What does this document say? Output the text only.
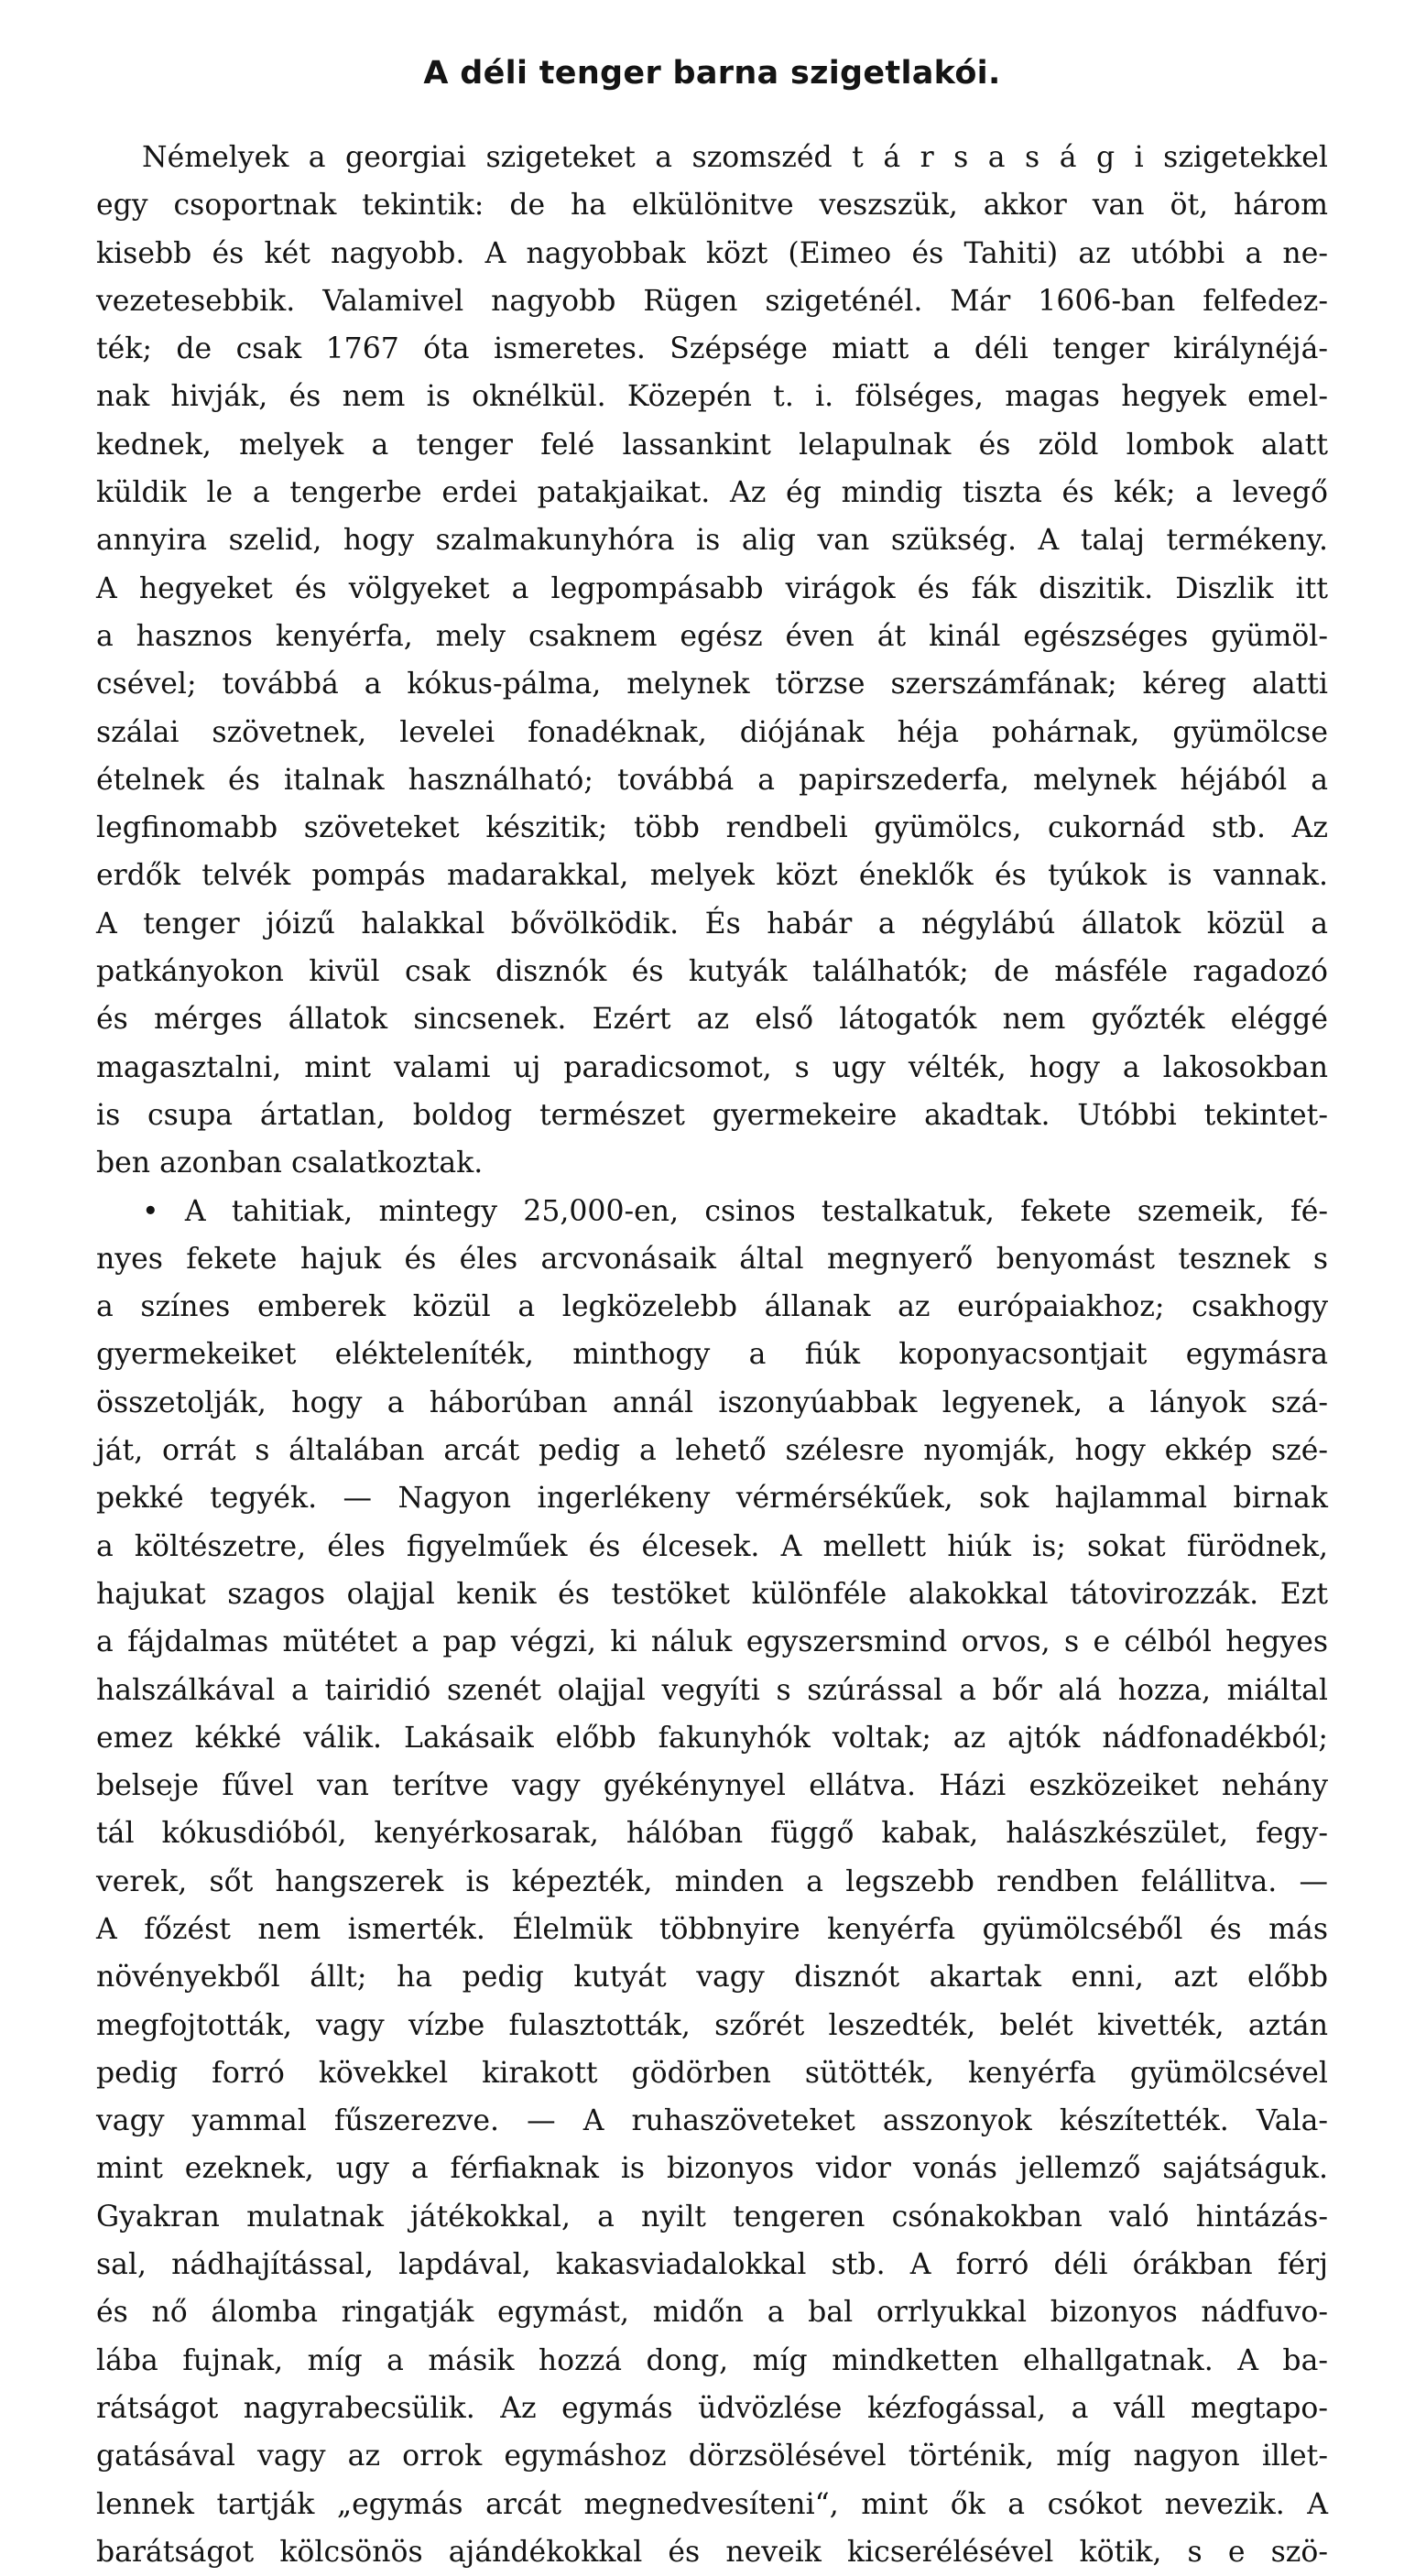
A déli tenger barna szigetlakói.
Némelyek a georgiai szigeteket a szomszéd t á r s a s á g i szigetekkel
egy csoportnak tekintik: de ha elkülönitve veszszük, akkor van öt, három
kisebb és két nagyobb. A nagyobbak közt (Eimeo és Tahiti) az utóbbi a ne-
vezetesebbik. Valamivel nagyobb Rügen szigeténél. Már 1606-ban felfedez-
ték; de csak 1767 óta ismeretes. Szépsége miatt a déli tenger királynéjá-
nak hivják, és nem is oknélkül. Közepén t. i. fölséges, magas hegyek emel-
kednek, melyek a tenger felé lassankint lelapulnak és zöld lombok alatt
küldik le a tengerbe erdei patakjaikat. Az ég mindig tiszta és kék; a levegő
annyira szelid, hogy szalmakunyhóra is alig van szükség. A talaj termékeny.
A hegyeket és völgyeket a legpompásabb virágok és fák diszitik. Diszlik itt
a hasznos kenyérfa, mely csaknem egész éven át kinál egészséges gyümöl-
csével; továbbá a kókus-pálma, melynek törzse szerszámfának; kéreg alatti
szálai szövetnek, levelei fonadéknak, diójának héja pohárnak, gyümölcse
ételnek és italnak használható; továbbá a papirszederfa, melynek héjából a
legfinomabb szöveteket készitik; több rendbeli gyümölcs, cukornád stb. Az
erdők telvék pompás madarakkal, melyek közt éneklők és tyúkok is vannak.
A tenger jóizű halakkal bővölködik. És habár a négylábú állatok közül a
patkányokon kivül csak disznók és kutyák találhatók; de másféle ragadozó
és mérges állatok sincsenek. Ezért az első látogatók nem győzték eléggé
magasztalni, mint valami uj paradicsomot, s ugy vélték, hogy a lakosokban
is csupa ártatlan, boldog természet gyermekeire akadtak. Utóbbi tekintet-
ben azonban csalatkoztak.
• A tahitiak, mintegy 25,000-en, csinos testalkatuk, fekete szemeik, fé-
nyes fekete hajuk és éles arcvonásaik által megnyerő benyomást tesznek s
a színes emberek közül a legközelebb állanak az európaiakhoz; csakhogy
gyermekeiket elékteleníték, minthogy a fiúk koponyacsontjait egymásra
összetolják, hogy a háborúban annál iszonyúabbak legyenek, a lányok szá-
ját, orrát s általában arcát pedig a lehető szélesre nyomják, hogy ekkép szé-
pekké tegyék. — Nagyon ingerlékeny vérmérsékűek, sok hajlammal birnak
a költészetre, éles figyelműek és élcesek. A mellett hiúk is; sokat fürödnek,
hajukat szagos olajjal kenik és testöket különféle alakokkal tátovirozzák. Ezt
a fájdalmas mütétet a pap végzi, ki náluk egyszersmind orvos, s e célból hegyes
halszálkával a tairidió szenét olajjal vegyíti s szúrással a bőr alá hozza, miáltal
emez kékké válik. Lakásaik előbb fakunyhók voltak; az ajtók nádfonadékból;
belseje fűvel van terítve vagy gyékénynyel ellátva. Házi eszközeiket nehány
tál kókusdióból, kenyérkosarak, hálóban függő kabak, halászkészület, fegy-
verek, sőt hangszerek is képezték, minden a legszebb rendben felállitva. —
A főzést nem ismerték. Élelmük többnyire kenyérfa gyümölcséből és más
növényekből állt; ha pedig kutyát vagy disznót akartak enni, azt előbb
megfojtották, vagy vízbe fulasztották, szőrét leszedték, belét kivették, aztán
pedig forró kövekkel kirakott gödörben sütötték, kenyérfa gyümölcsével
vagy yammal fűszerezve. — A ruhaszöveteket asszonyok készítették. Vala-
mint ezeknek, ugy a férfiaknak is bizonyos vidor vonás jellemző sajátságuk.
Gyakran mulatnak játékokkal, a nyilt tengeren csónakokban való hintázás-
sal, nádhajítással, lapdával, kakasviadalokkal stb. A forró déli órákban férj
és nő álomba ringatják egymást, midőn a bal orrlyukkal bizonyos nádfuvo-
lába fujnak, míg a másik hozzá dong, míg mindketten elhallgatnak. A ba-
rátságot nagyrabecsülik. Az egymás üdvözlése kézfogással, a váll megtapo-
gatásával vagy az orrok egymáshoz dörzsölésével történik, míg nagyon illet-
lennek tartják „egymás arcát megnedvesíteni“, mint ők a csókot nevezik. A
barátságot kölcsönös ajándékokkal és neveik kicserélésével kötik, s e szö-
